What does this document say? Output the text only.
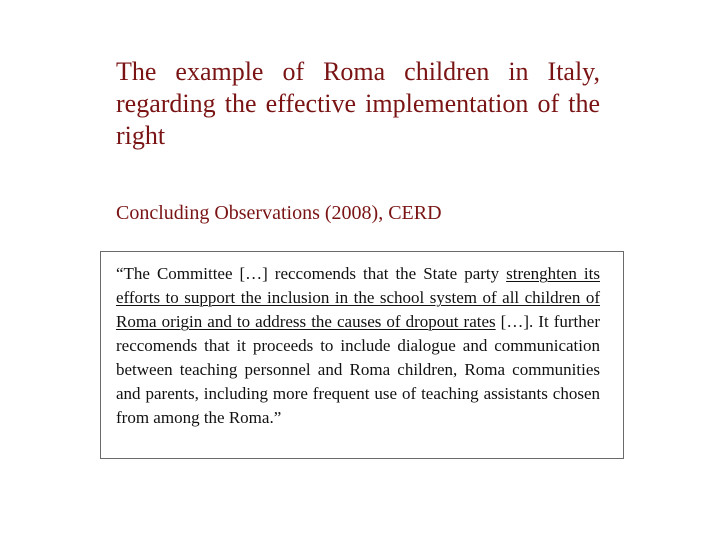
The example of Roma children in Italy, regarding the effective implementation of the right

Concluding Observations (2008), CERD

“The Committee […] reccomends that the State party strenghten its efforts to support the inclusion in the school system of all children of Roma origin and to address the causes of dropout rates […]. It further reccomends that it proceeds to include dialogue and communication between teaching personnel and Roma children, Roma communities and parents, including more frequent use of teaching assistants chosen from among the Roma.”
